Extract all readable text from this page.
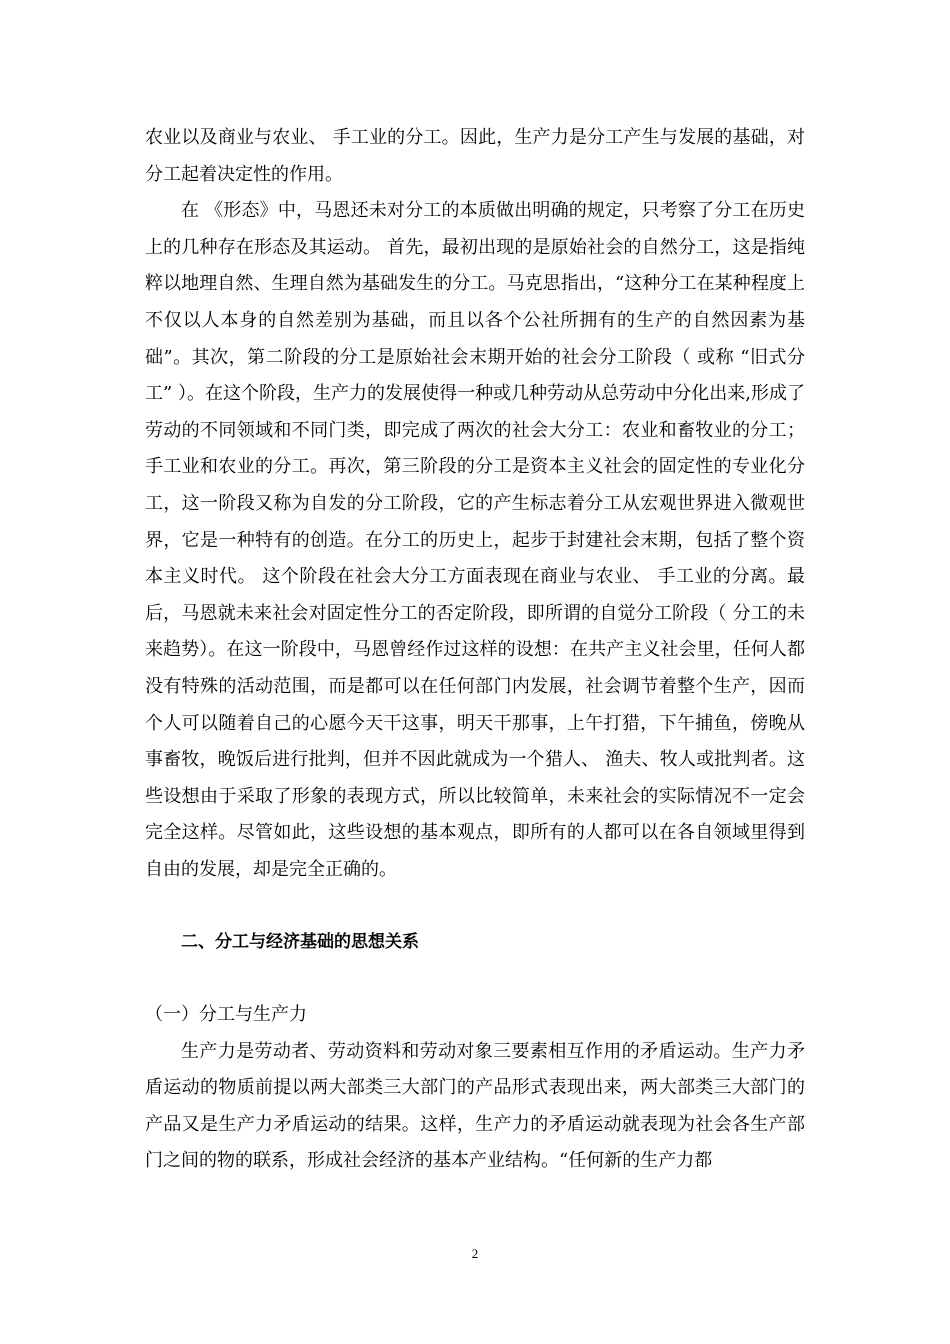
农业以及商业与农业、 手工业的分工。因此，生产力是分工产生与发展的基础，对分工起着决定性的作用。

在 《形态》中，马恩还未对分工的本质做出明确的规定，只考察了分工在历史上的几种存在形态及其运动。 首先，最初出现的是原始社会的自然分工，这是指纯粹以地理自然、生理自然为基础发生的分工。马克思指出，“这种分工在某种程度上不仅以人本身的自然差别为基础，而且以各个公社所拥有的生产的自然因素为基础”。其次，第二阶段的分工是原始社会末期开始的社会分工阶段（ 或称 “旧式分工” ）。在这个阶段，生产力的发展使得一种或几种劳动从总劳动中分化出来,形成了劳动的不同领域和不同门类，即完成了两次的社会大分工：农业和畜牧业的分工；手工业和农业的分工。再次，第三阶段的分工是资本主义社会的固定性的专业化分工，这一阶段又称为自发的分工阶段，它的产生标志着分工从宏观世界进入微观世界，它是一种特有的创造。在分工的历史上，起步于封建社会末期，包括了整个资本主义时代。 这个阶段在社会大分工方面表现在商业与农业、 手工业的分离。最后，马恩就未来社会对固定性分工的否定阶段，即所谓的自觉分工阶段（ 分工的未来趋势）。在这一阶段中，马恩曾经作过这样的设想：在共产主义社会里，任何人都没有特殊的活动范围，而是都可以在任何部门内发展，社会调节着整个生产，因而个人可以随着自己的心愿今天干这事，明天干那事，上午打猎，下午捕鱼，傍晚从事畜牧，晚饭后进行批判，但并不因此就成为一个猎人、 渔夫、牧人或批判者。这些设想由于采取了形象的表现方式，所以比较简单，未来社会的实际情况不一定会完全这样。尽管如此，这些设想的基本观点，即所有的人都可以在各自领域里得到自由的发展，却是完全正确的。

二、分工与经济基础的思想关系

（一）分工与生产力

生产力是劳动者、劳动资料和劳动对象三要素相互作用的矛盾运动。生产力矛盾运动的物质前提以两大部类三大部门的产品形式表现出来，两大部类三大部门的产品又是生产力矛盾运动的结果。这样，生产力的矛盾运动就表现为社会各生产部门之间的物的联系，形成社会经济的基本产业结构。“任何新的生产力都

2
